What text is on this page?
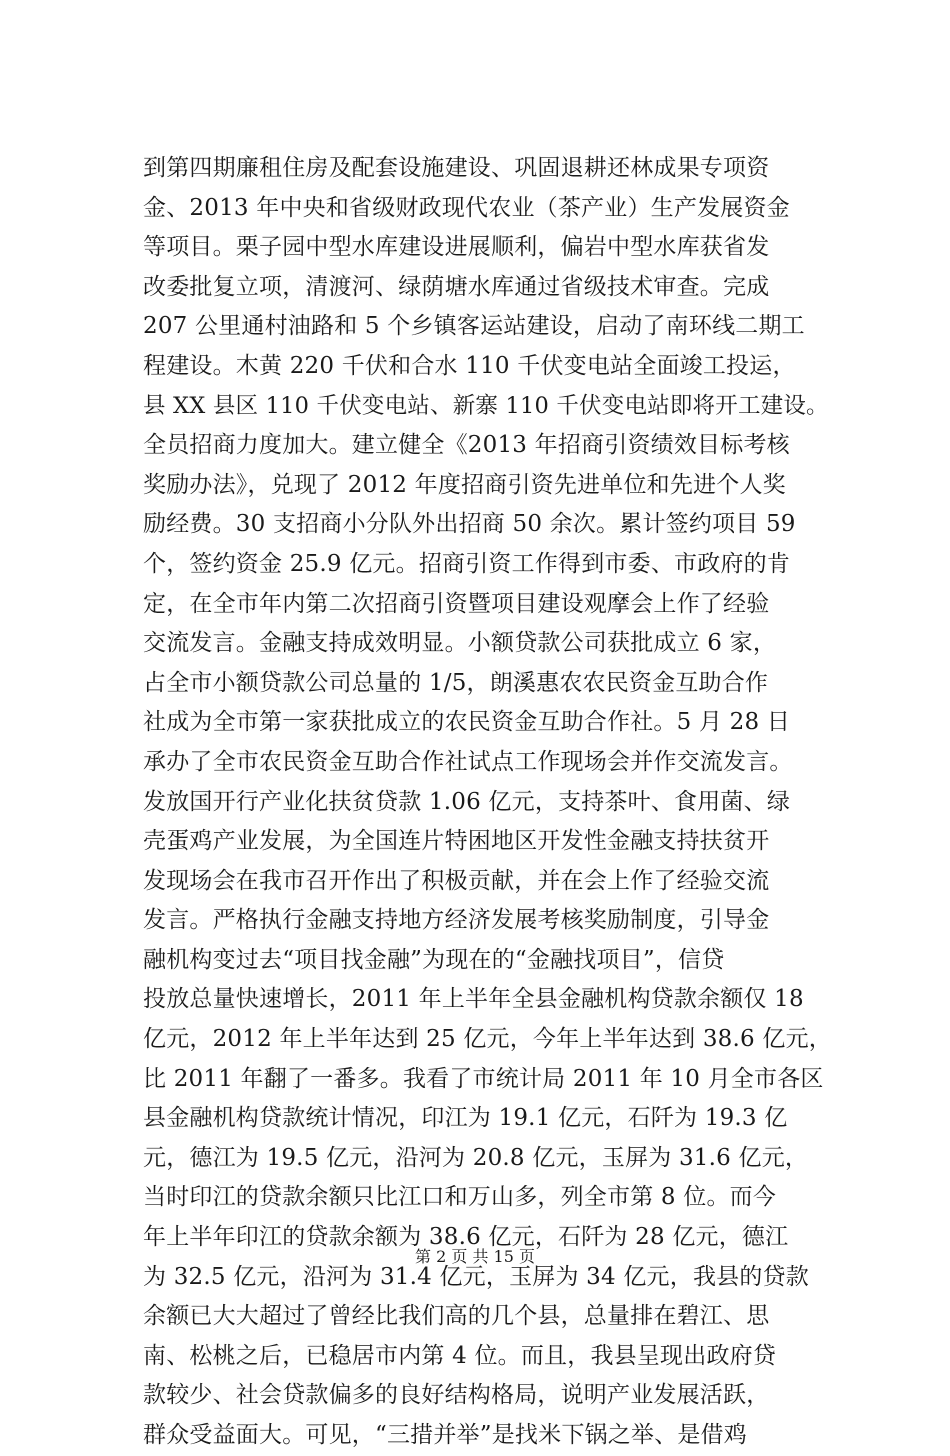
到第四期廉租住房及配套设施建设、巩固退耕还林成果专项资
金、2013 年中央和省级财政现代农业（茶产业）生产发展资金
等项目。栗子园中型水库建设进展顺利，偏岩中型水库获省发
改委批复立项，清渡河、绿荫塘水库通过省级技术审查。完成
207 公里通村油路和 5 个乡镇客运站建设，启动了南环线二期工
程建设。木黄 220 千伏和合水 110 千伏变电站全面竣工投运，
县 XX 县区 110 千伏变电站、新寨 110 千伏变电站即将开工建设。
全员招商力度加大。建立健全《2013 年招商引资绩效目标考核
奖励办法》，兑现了 2012 年度招商引资先进单位和先进个人奖
励经费。30 支招商小分队外出招商 50 余次。累计签约项目 59
个，签约资金 25.9 亿元。招商引资工作得到市委、市政府的肯
定，在全市年内第二次招商引资暨项目建设观摩会上作了经验
交流发言。金融支持成效明显。小额贷款公司获批成立 6 家，
占全市小额贷款公司总量的 1/5，朗溪惠农农民资金互助合作
社成为全市第一家获批成立的农民资金互助合作社。5 月 28 日
承办了全市农民资金互助合作社试点工作现场会并作交流发言。
发放国开行产业化扶贫贷款 1.06 亿元，支持茶叶、食用菌、绿
壳蛋鸡产业发展，为全国连片特困地区开发性金融支持扶贫开
发现场会在我市召开作出了积极贡献，并在会上作了经验交流
发言。严格执行金融支持地方经济发展考核奖励制度，引导金
融机构变过去“项目找金融”为现在的“金融找项目”，信贷
投放总量快速增长，2011 年上半年全县金融机构贷款余额仅 18
亿元，2012 年上半年达到 25 亿元，今年上半年达到 38.6 亿元，
比 2011 年翻了一番多。我看了市统计局 2011 年 10 月全市各区
县金融机构贷款统计情况，印江为 19.1 亿元，石阡为 19.3 亿
元，德江为 19.5 亿元，沿河为 20.8 亿元，玉屏为 31.6 亿元，
当时印江的贷款余额只比江口和万山多，列全市第 8 位。而今
年上半年印江的贷款余额为 38.6 亿元，石阡为 28 亿元，德江
为 32.5 亿元，沿河为 31.4 亿元，玉屏为 34 亿元，我县的贷款
余额已大大超过了曾经比我们高的几个县，总量排在碧江、思
南、松桃之后，已稳居市内第 4 位。而且，我县呈现出政府贷
款较少、社会贷款偏多的良好结构格局，说明产业发展活跃，
群众受益面大。可见，“三措并举”是找米下锅之举、是借鸡
第 2 页 共 15 页
